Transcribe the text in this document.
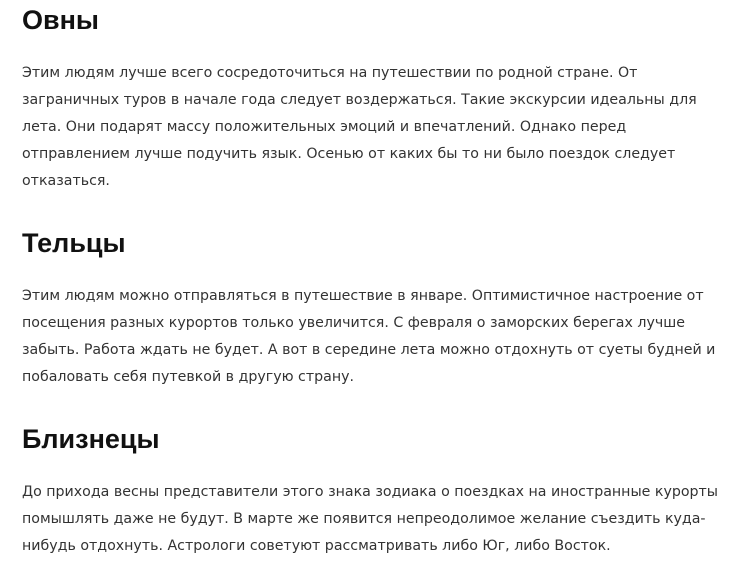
Овны

Этим людям лучше всего сосредоточиться на путешествии по родной стране. От заграничных туров в начале года следует воздержаться. Такие экскурсии идеальны для лета. Они подарят массу положительных эмоций и впечатлений. Однако перед отправлением лучше подучить язык. Осенью от каких бы то ни было поездок следует отказаться.

Тельцы

Этим людям можно отправляться в путешествие в январе. Оптимистичное настроение от посещения разных курортов только увеличится. С февраля о заморских берегах лучше забыть. Работа ждать не будет. А вот в середине лета можно отдохнуть от суеты будней и побаловать себя путевкой в другую страну.

Близнецы

До прихода весны представители этого знака зодиака о поездках на иностранные курорты помышлять даже не будут. В марте же появится непреодолимое желание съездить куда-нибудь отдохнуть. Астрологи советуют рассматривать либо Юг, либо Восток.
